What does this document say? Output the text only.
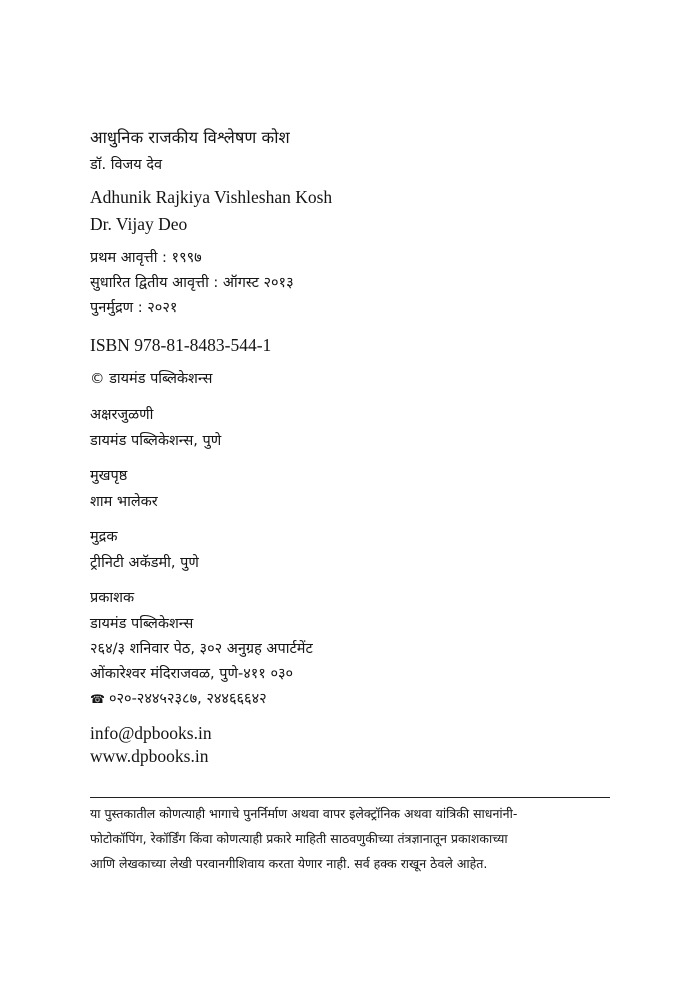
आधुनिक राजकीय विश्लेषण कोश
डॉ. विजय देव
Adhunik Rajkiya Vishleshan Kosh
Dr. Vijay Deo
प्रथम आवृत्ती : १९९७
सुधारित द्वितीय आवृत्ती : ऑगस्ट २०१३
पुनर्मुद्रण : २०२१
ISBN 978-81-8483-544-1
© डायमंड पब्लिकेशन्स
अक्षरजुळणी
डायमंड पब्लिकेशन्स, पुणे
मुखपृष्ठ
शाम भालेकर
मुद्रक
ट्रीनिटी अकॅडमी, पुणे
प्रकाशक
डायमंड पब्लिकेशन्स
२६४/३ शनिवार पेठ, ३०२ अनुग्रह अपार्टमेंट
ओंकारेश्वर मंदिराजवळ, पुणे-४११ ०३०
☎ ०२०-२४४५२३८७, २४४६६६४२
info@dpbooks.in
www.dpbooks.in
या पुस्तकातील कोणत्याही भागाचे पुनर्निर्माण अथवा वापर इलेक्ट्रॉनिक अथवा यांत्रिकी साधनांनी-
फोटोकॉपिंग, रेकॉर्डिंग किंवा कोणत्याही प्रकारे माहिती साठवणुकीच्या तंत्रज्ञानातून प्रकाशकाच्या
आणि लेखकाच्या लेखी परवानगीशिवाय करता येणार नाही. सर्व हक्क राखून ठेवले आहेत.
